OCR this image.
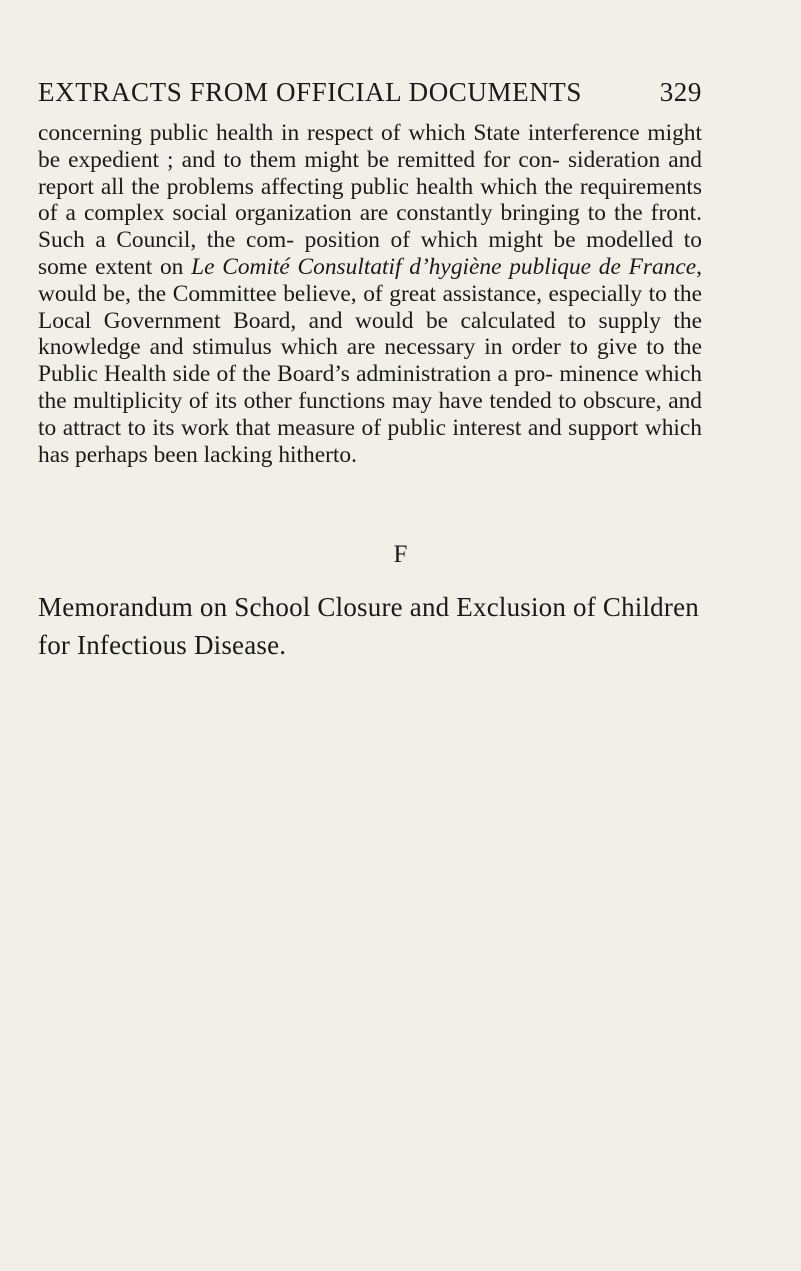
EXTRACTS FROM OFFICIAL DOCUMENTS	329

concerning public health in respect of which State interference might be expedient ; and to them might be remitted for con- sideration and report all the problems affecting public health which the requirements of a complex social organization are constantly bringing to the front. Such a Council, the com- position of which might be modelled to some extent on Le Comité Consultatif d’hygiène publique de France, would be, the Committee believe, of great assistance, especially to the Local Government Board, and would be calculated to supply the knowledge and stimulus which are necessary in order to give to the Public Health side of the Board’s administration a pro- minence which the multiplicity of its other functions may have tended to obscure, and to attract to its work that measure of public interest and support which has perhaps been lacking hitherto.

F

Memorandum on School Closure and Exclusion of Children for Infectious Disease.
